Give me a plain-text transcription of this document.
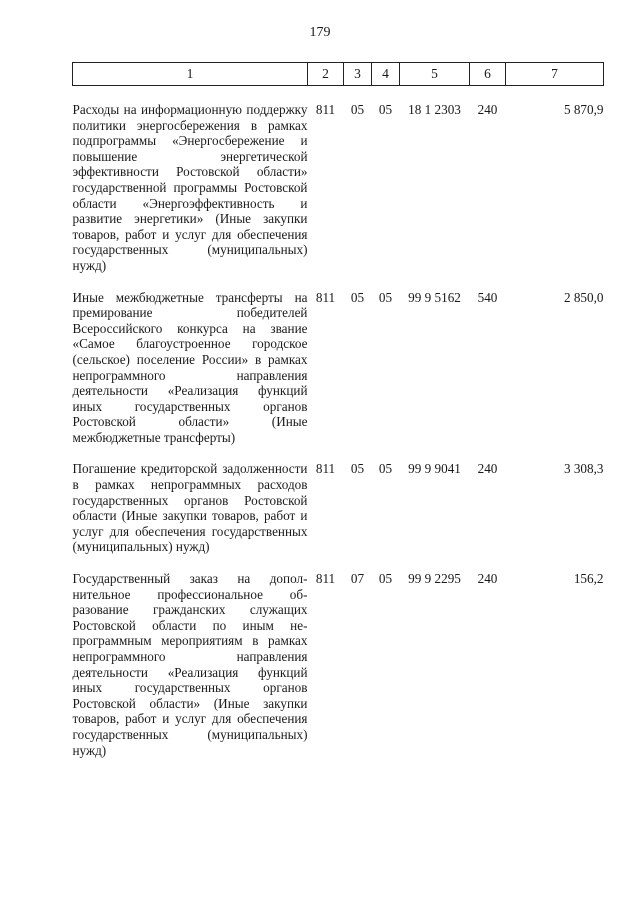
179
1	2	3	4	5	6	7

Расходы на информационную поддержку политики энергосбережения в рамках подпрограммы «Энергосбережение и повышение энергетической эффективности Ростовской области» государственной программы Ростовской области «Энергоэффективность и развитие энергетики» (Иные закупки товаров, работ и услуг для обеспечения государственных (муниципальных) нужд)	811	05	05	18 1 2303	240	5 870,9

Иные межбюджетные трансферты на премирование победителей Всероссийского конкурса на звание «Самое благоустроенное городское (сельское) поселение России» в рамках непрограммного направления деятельности «Реализация функций иных государственных органов Ростовской области» (Иные межбюджетные трансферты)	811	05	05	99 9 5162	540	2 850,0

Погашение кредиторской задолженности в рамках непрограммных расходов государственных органов Ростовской области (Иные закупки товаров, работ и услуг для обеспечения государственных (муниципальных) нужд)	811	05	05	99 9 9041	240	3 308,3

Государственный заказ на дополнительное профессиональное образование гражданских служащих Ростовской области по иным непрограммным мероприятиям в рамках непрограммного направления деятельности «Реализация функций иных государственных органов Ростовской области» (Иные закупки товаров, работ и услуг для обеспечения государственных (муниципальных) нужд)	811	07	05	99 9 2295	240	156,2
